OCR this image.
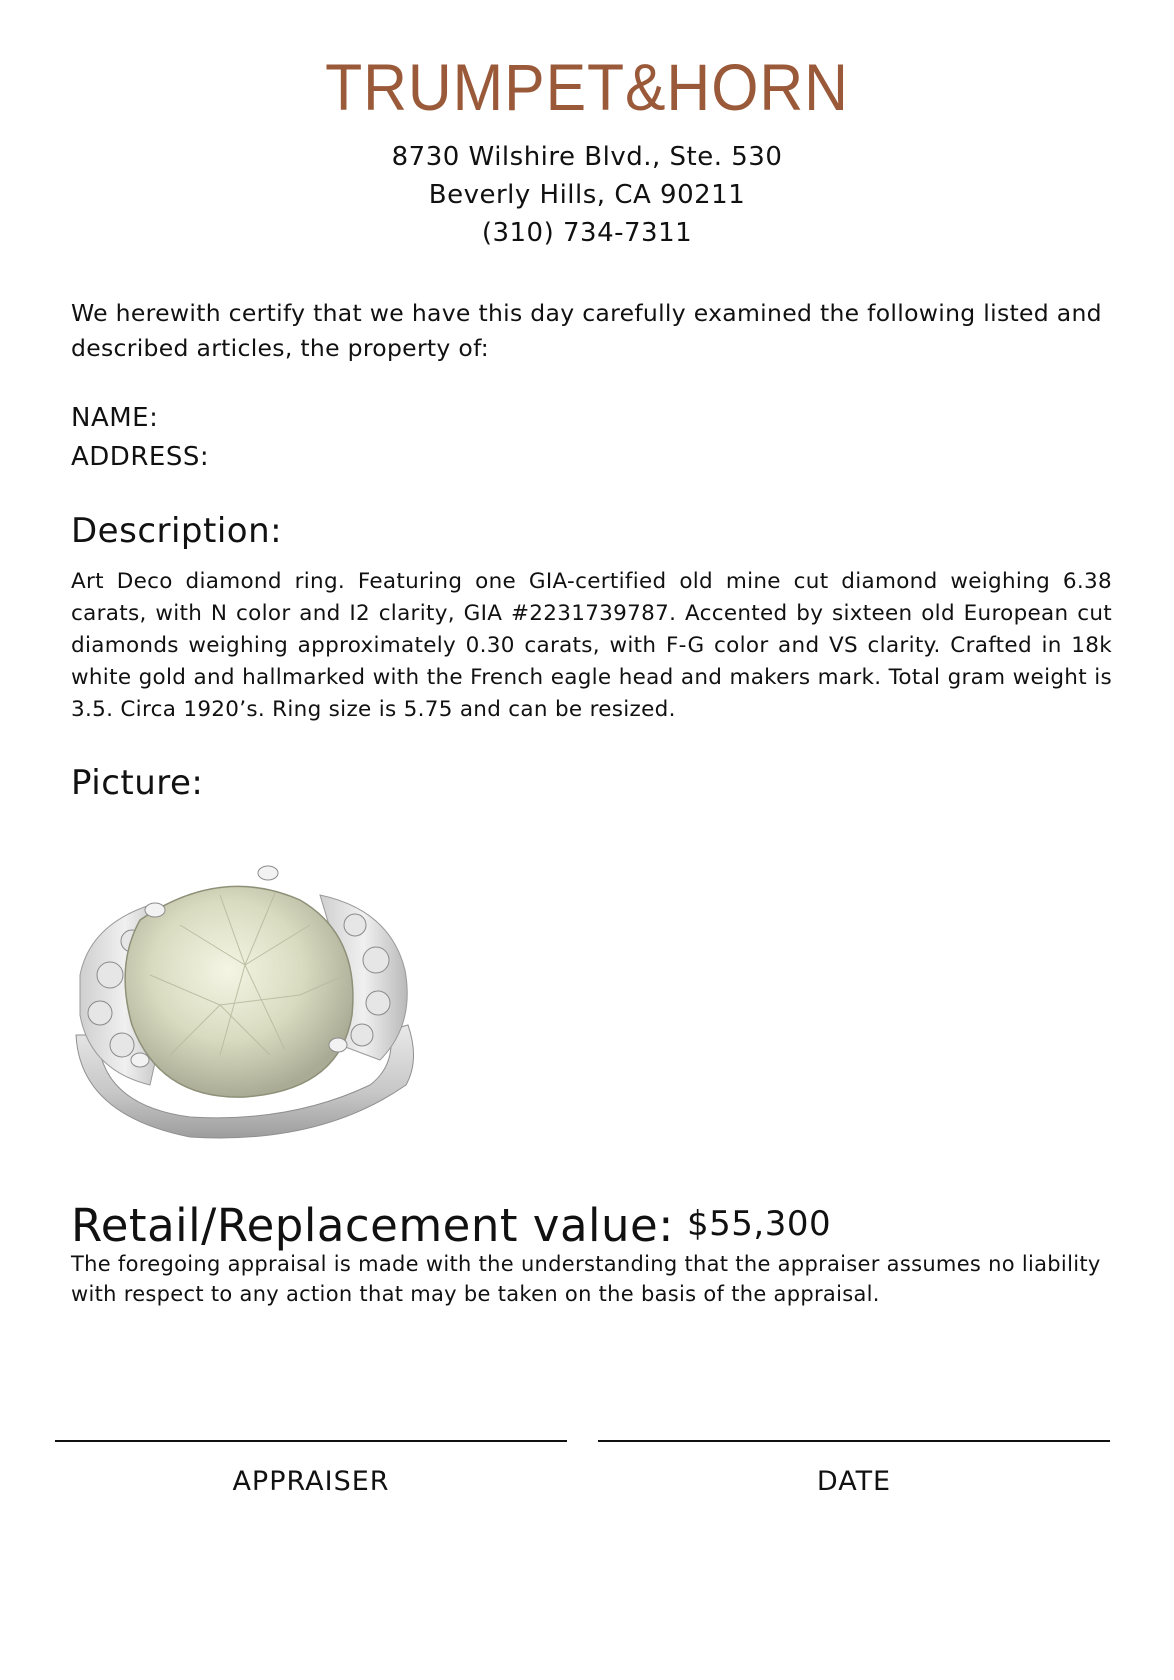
TRUMPET&HORN
8730 Wilshire Blvd., Ste. 530
Beverly Hills, CA 90211
(310) 734-7311
We herewith certify that we have this day carefully examined the following listed and described articles, the property of:
NAME:
ADDRESS:
Description:
Art Deco diamond ring. Featuring one GIA-certified old mine cut diamond weighing 6.38 carats, with N color and I2 clarity, GIA #2231739787. Accented by sixteen old European cut diamonds weighing approximately 0.30 carats, with F-G color and VS clarity. Crafted in 18k white gold and hallmarked with the French eagle head and makers mark. Total gram weight is 3.5. Circa 1920’s. Ring size is 5.75 and can be resized.
Picture:
Retail/Replacement value: $55,300
The foregoing appraisal is made with the understanding that the appraiser assumes no liability with respect to any action that may be taken on the basis of the appraisal.
APPRAISER	DATE
